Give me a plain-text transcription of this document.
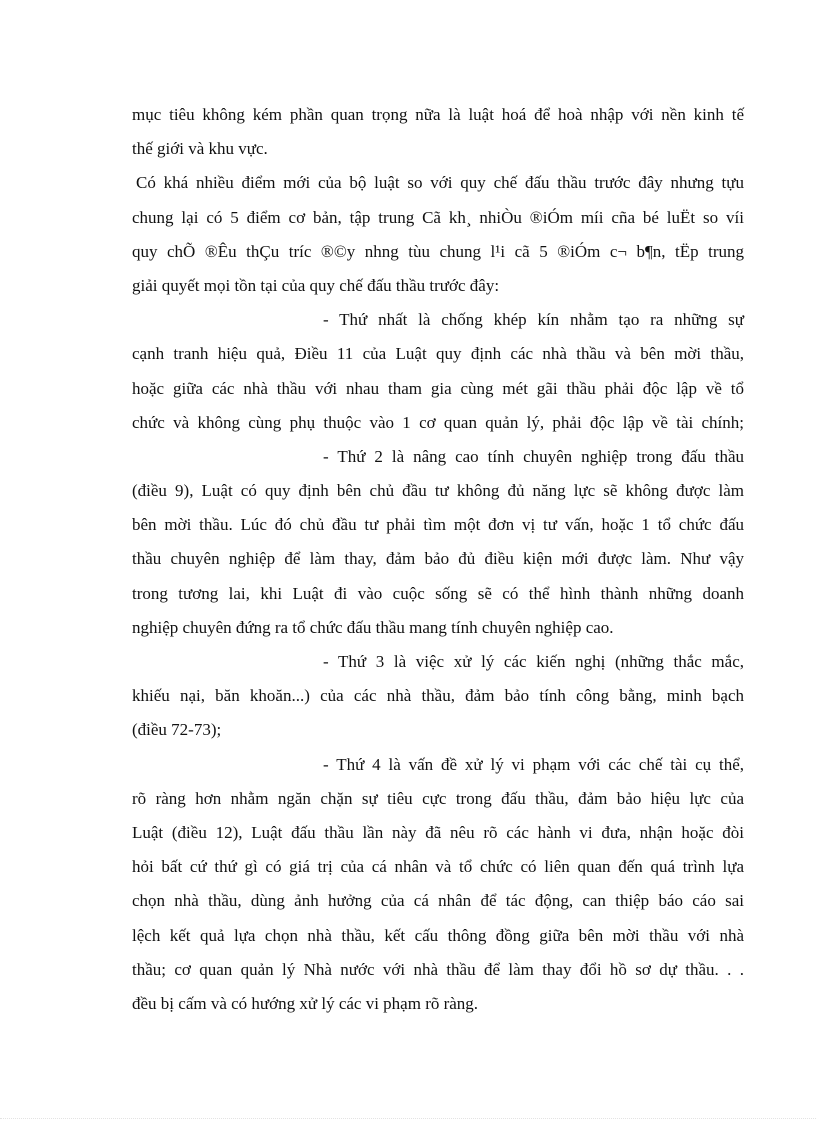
mục tiêu không kém phần quan trọng nữa là luật hoá để hoà nhập với nền kinh tế
thế giới và khu vực.
Có khá nhiều điểm mới của bộ luật so với quy chế đấu thầu trước đây nhưng tựu
chung lại có 5 điểm cơ bản, tập trung Cã kh¸ nhiÒu ®iÓm míi cña bé luËt so víi
quy chÕ ®Êu thÇu tríc ®©y nhng tùu chung l¹i cã 5 ®iÓm c¬ b¶n, tËp trung
giải quyết mọi tồn tại của quy chế đấu thầu trước đây:
- Thứ nhất là chống khép kín nhằm tạo ra những sự
cạnh tranh hiệu quả, Điều 11 của Luật quy định các nhà thầu và bên mời thầu,
hoặc giữa các nhà thầu với nhau tham gia cùng mét gãi thầu phải độc lập về tổ
chức và không cùng phụ thuộc vào 1 cơ quan quản lý, phải độc lập về tài chính;
- Thứ 2 là nâng cao tính chuyên nghiệp trong đấu thầu
(điều 9), Luật có quy định bên chủ đầu tư không đủ năng lực sẽ không được làm
bên mời thầu. Lúc đó chủ đầu tư phải tìm một đơn vị tư vấn, hoặc 1 tổ chức đấu
thầu chuyên nghiệp để làm thay, đảm bảo đủ điều kiện mới được làm. Như vậy
trong tương lai, khi Luật đi vào cuộc sống sẽ có thể hình thành những doanh
nghiệp chuyên đứng ra tổ chức đấu thầu mang tính chuyên nghiệp cao.
- Thứ 3 là việc xử lý các kiến nghị (những thắc mắc,
khiếu nại, băn khoăn...) của các nhà thầu, đảm bảo tính công bằng, minh bạch
(điều 72-73);
- Thứ 4 là vấn đề xử lý vi phạm với các chế tài cụ thể,
rõ ràng hơn nhằm ngăn chặn sự tiêu cực trong đấu thầu, đảm bảo hiệu lực của
Luật (điều 12), Luật đấu thầu lần này đã nêu rõ các hành vi đưa, nhận hoặc đòi
hỏi bất cứ thứ gì có giá trị của cá nhân và tổ chức có liên quan đến quá trình lựa
chọn nhà thầu, dùng ảnh hưởng của cá nhân để tác động, can thiệp báo cáo sai
lệch kết quả lựa chọn nhà thầu, kết cấu thông đồng giữa bên mời thầu với nhà
thầu; cơ quan quản lý Nhà nước với nhà thầu để làm thay đổi hồ sơ dự thầu. . .
đều bị cấm và có hướng xử lý các vi phạm rõ ràng.
